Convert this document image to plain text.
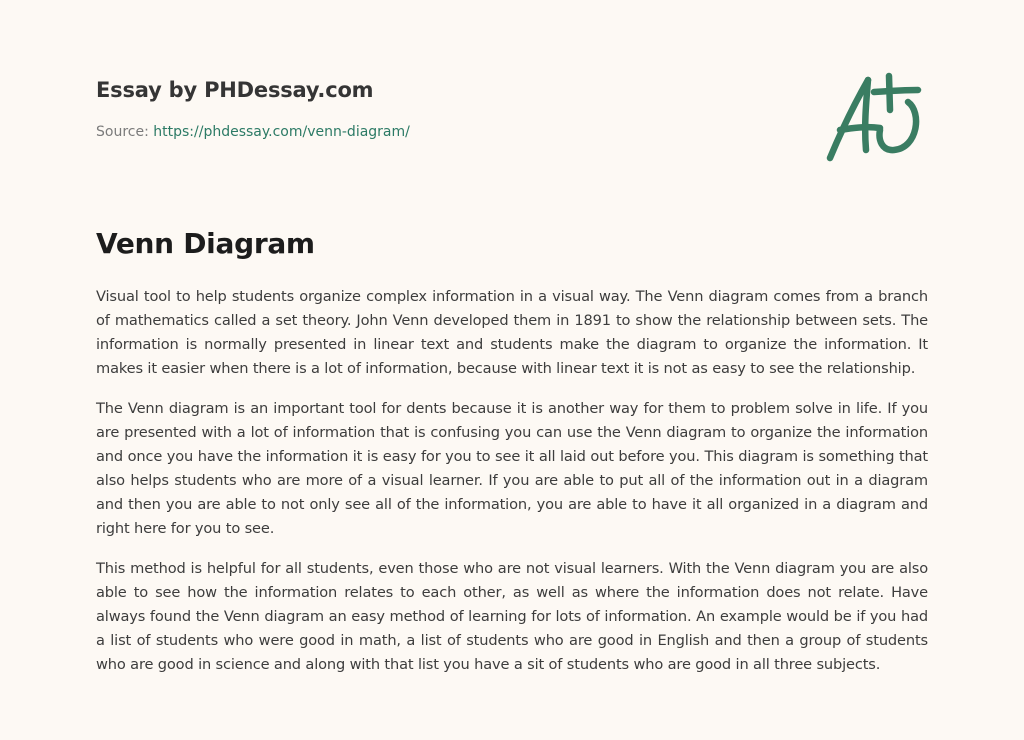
Essay by PHDessay.com
Source: https://phdessay.com/venn-diagram/
Venn Diagram

Visual tool to help students organize complex information in a visual way. The Venn diagram comes from a branch of mathematics called a set theory. John Venn developed them in 1891 to show the relationship between sets. The information is normally presented in linear text and students make the diagram to organize the information. It makes it easier when there is a lot of information, because with linear text it is not as easy to see the relationship.

The Venn diagram is an important tool for dents because it is another way for them to problem solve in life. If you are presented with a lot of information that is confusing you can use the Venn diagram to organize the information and once you have the information it is easy for you to see it all laid out before you. This diagram is something that also helps students who are more of a visual learner. If you are able to put all of the information out in a diagram and then you are able to not only see all of the information, you are able to have it all organized in a diagram and right here for you to see.

This method is helpful for all students, even those who are not visual learners. With the Venn diagram you are also able to see how the information relates to each other, as well as where the information does not relate. Have always found the Venn diagram an easy method of learning for lots of information. An example would be if you had a list of students who were good in math, a list of students who are good in English and then a group of students who are good in science and along with that list you have a sit of students who are good in all three subjects.
